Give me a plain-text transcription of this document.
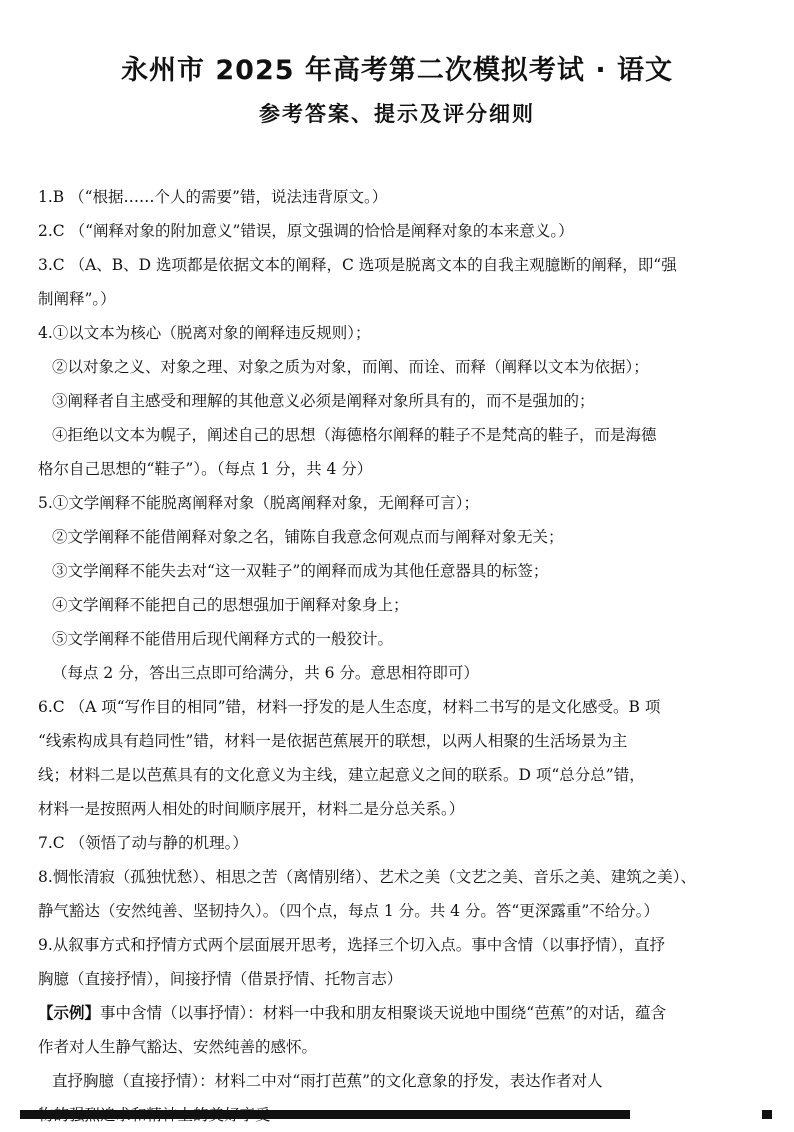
永州市 2025 年高考第二次模拟考试 · 语文
参考答案、提示及评分细则
1.B （“根据……个人的需要”错，说法违背原文。）
2.C （“阐释对象的附加意义”错误，原文强调的恰恰是阐释对象的本来意义。）
3.C （A、B、D 选项都是依据文本的阐释，C 选项是脱离文本的自我主观臆断的阐释，即“强
制阐释”。）
4.①以文本为核心（脱离对象的阐释违反规则）；
②以对象之义、对象之理、对象之质为对象，而阐、而诠、而释（阐释以文本为依据）；
③阐释者自主感受和理解的其他意义必须是阐释对象所具有的，而不是强加的；
④拒绝以文本为幌子，阐述自己的思想（海德格尔阐释的鞋子不是梵高的鞋子，而是海德
格尔自己思想的“鞋子”）。（每点 1 分，共 4 分）
5.①文学阐释不能脱离阐释对象（脱离阐释对象，无阐释可言）；
②文学阐释不能借阐释对象之名，铺陈自我意念何观点而与阐释对象无关；
③文学阐释不能失去对“这一双鞋子”的阐释而成为其他任意器具的标签；
④文学阐释不能把自己的思想强加于阐释对象身上；
⑤文学阐释不能借用后现代阐释方式的一般狡计。
（每点 2 分，答出三点即可给满分，共 6 分。意思相符即可）
6.C （A 项“写作目的相同”错，材料一抒发的是人生态度，材料二书写的是文化感受。B 项
“线索构成具有趋同性”错，材料一是依据芭蕉展开的联想，以两人相聚的生活场景为主
线；材料二是以芭蕉具有的文化意义为主线，建立起意义之间的联系。D 项“总分总”错，
材料一是按照两人相处的时间顺序展开，材料二是分总关系。）
7.C （领悟了动与静的机理。）
8.惆怅清寂（孤独忧愁）、相思之苦（离情别绪）、艺术之美（文艺之美、音乐之美、建筑之美）、
静气豁达（安然纯善、坚韧持久）。（四个点，每点 1 分。共 4 分。答“更深露重”不给分。）
9.从叙事方式和抒情方式两个层面展开思考，选择三个切入点。事中含情（以事抒情），直抒
胸臆（直接抒情），间接抒情（借景抒情、托物言志）
【示例】事中含情（以事抒情）：材料一中我和朋友相聚谈天说地中围绕“芭蕉”的对话，蕴含
作者对人生静气豁达、安然纯善的感怀。
直抒胸臆（直接抒情）：材料二中对“雨打芭蕉”的文化意象的抒发，表达作者对人
